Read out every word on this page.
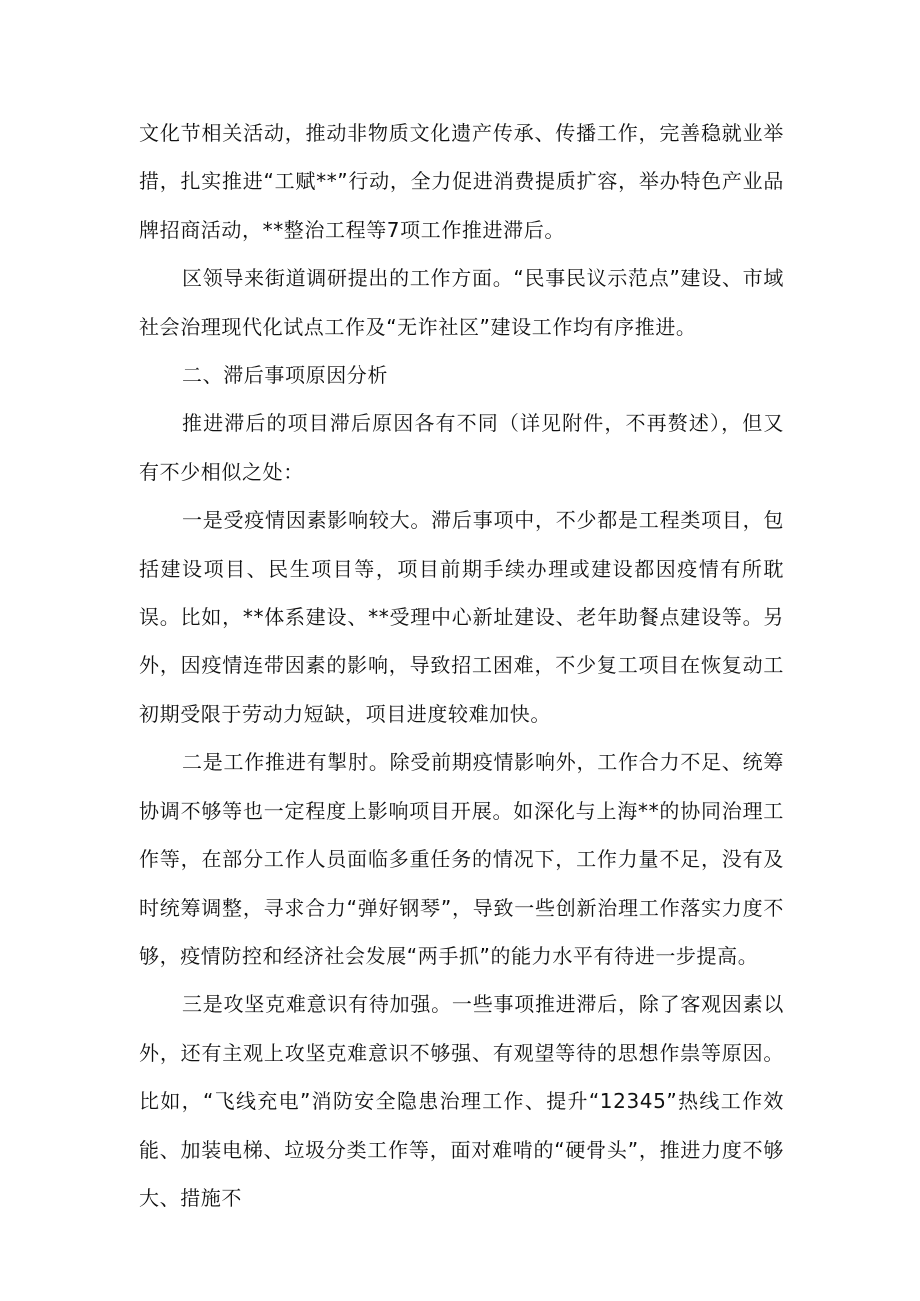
文化节相关活动，推动非物质文化遗产传承、传播工作，完善稳就业举措，扎实推进“工赋**”行动，全力促进消费提质扩容，举办特色产业品牌招商活动，**整治工程等7项工作推进滞后。

区领导来街道调研提出的工作方面。“民事民议示范点”建设、市域社会治理现代化试点工作及“无诈社区”建设工作均有序推进。

二、滞后事项原因分析

推进滞后的项目滞后原因各有不同（详见附件，不再赘述），但又有不少相似之处：

一是受疫情因素影响较大。滞后事项中，不少都是工程类项目，包括建设项目、民生项目等，项目前期手续办理或建设都因疫情有所耽误。比如，**体系建设、**受理中心新址建设、老年助餐点建设等。另外，因疫情连带因素的影响，导致招工困难，不少复工项目在恢复动工初期受限于劳动力短缺，项目进度较难加快。

二是工作推进有掣肘。除受前期疫情影响外，工作合力不足、统筹协调不够等也一定程度上影响项目开展。如深化与上海**的协同治理工作等，在部分工作人员面临多重任务的情况下，工作力量不足，没有及时统筹调整，寻求合力“弹好钢琴”，导致一些创新治理工作落实力度不够，疫情防控和经济社会发展“两手抓”的能力水平有待进一步提高。

三是攻坚克难意识有待加强。一些事项推进滞后，除了客观因素以外，还有主观上攻坚克难意识不够强、有观望等待的思想作祟等原因。比如，“飞线充电”消防安全隐患治理工作、提升“12345”热线工作效能、加装电梯、垃圾分类工作等，面对难啃的“硬骨头”，推进力度不够大、措施不
